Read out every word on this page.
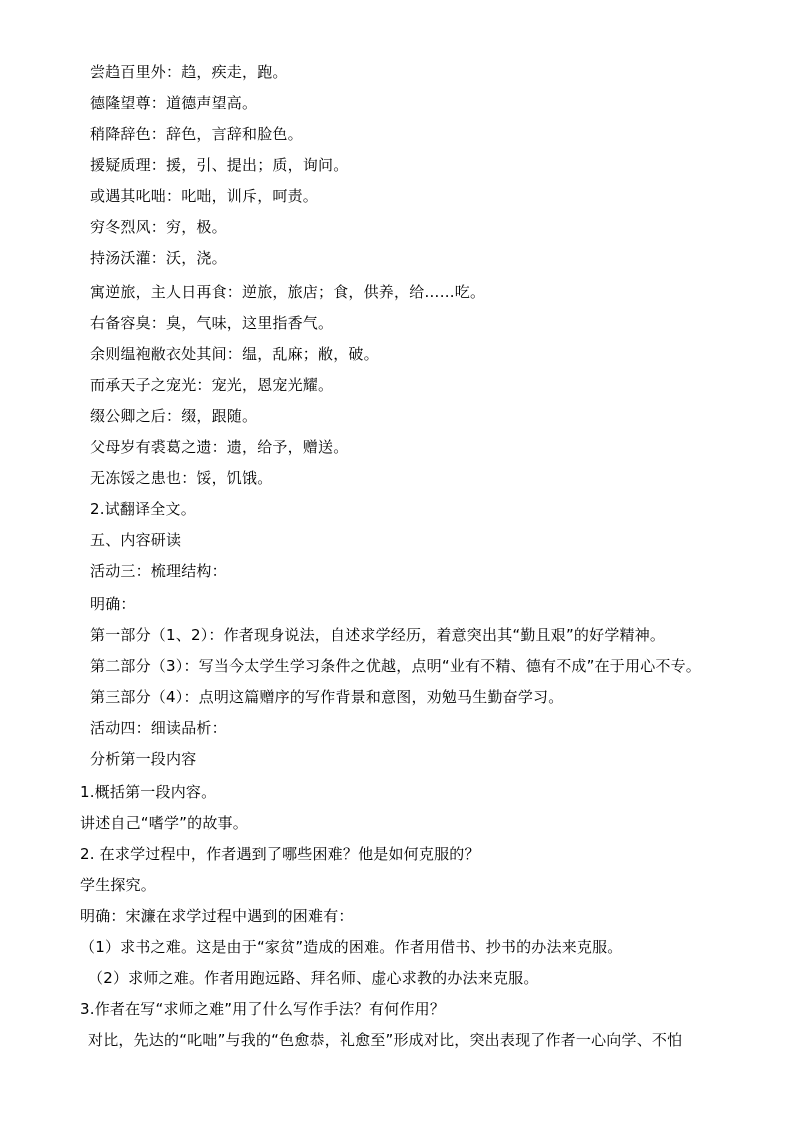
尝趋百里外：趋，疾走，跑。
德隆望尊：道德声望高。
稍降辞色：辞色，言辞和脸色。
援疑质理：援，引、提出；质，询问。
或遇其叱咄：叱咄，训斥，呵责。
穷冬烈风：穷，极。
持汤沃灌：沃，浇。
寓逆旅，主人日再食：逆旅，旅店；食，供养，给……吃。
右备容臭：臭，气味，这里指香气。
余则缊袍敝衣处其间：缊，乱麻；敝，破。
而承天子之宠光：宠光，恩宠光耀。
缀公卿之后：缀，跟随。
父母岁有裘葛之遗：遗，给予，赠送。
无冻馁之患也：馁，饥饿。
2.试翻译全文。
五、内容研读
活动三：梳理结构：
明确：
第一部分（1、2）：作者现身说法，自述求学经历，着意突出其“勤且艰”的好学精神。
第二部分（3）：写当今太学生学习条件之优越，点明“业有不精、德有不成”在于用心不专。
第三部分（4）：点明这篇赠序的写作背景和意图，劝勉马生勤奋学习。
活动四：细读品析：
分析第一段内容
1.概括第一段内容。
讲述自己“嗜学”的故事。
2. 在求学过程中，作者遇到了哪些困难？他是如何克服的？
学生探究。
明确：宋濂在求学过程中遇到的困难有：
（1）求书之难。这是由于“家贫”造成的困难。作者用借书、抄书的办法来克服。
（2）求师之难。作者用跑远路、拜名师、虚心求教的办法来克服。
3.作者在写“求师之难”用了什么写作手法？有何作用？
对比，先达的“叱咄”与我的“色愈恭，礼愈至”形成对比，突出表现了作者一心向学、不怕
